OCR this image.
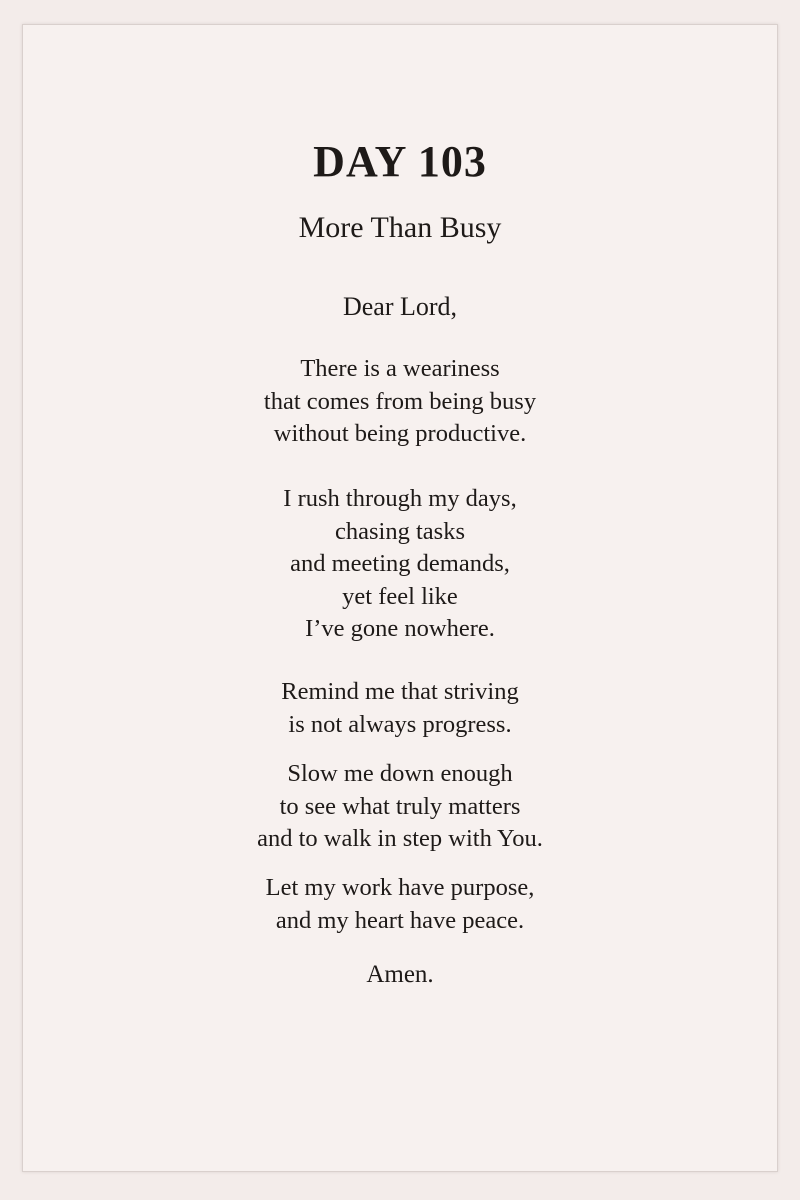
DAY 103
More Than Busy

Dear Lord,

There is a weariness
that comes from being busy
without being productive.

I rush through my days,
chasing tasks
and meeting demands,
yet feel like
I’ve gone nowhere.

Remind me that striving
is not always progress.

Slow me down enough
to see what truly matters
and to walk in step with You.

Let my work have purpose,
and my heart have peace.

Amen.
